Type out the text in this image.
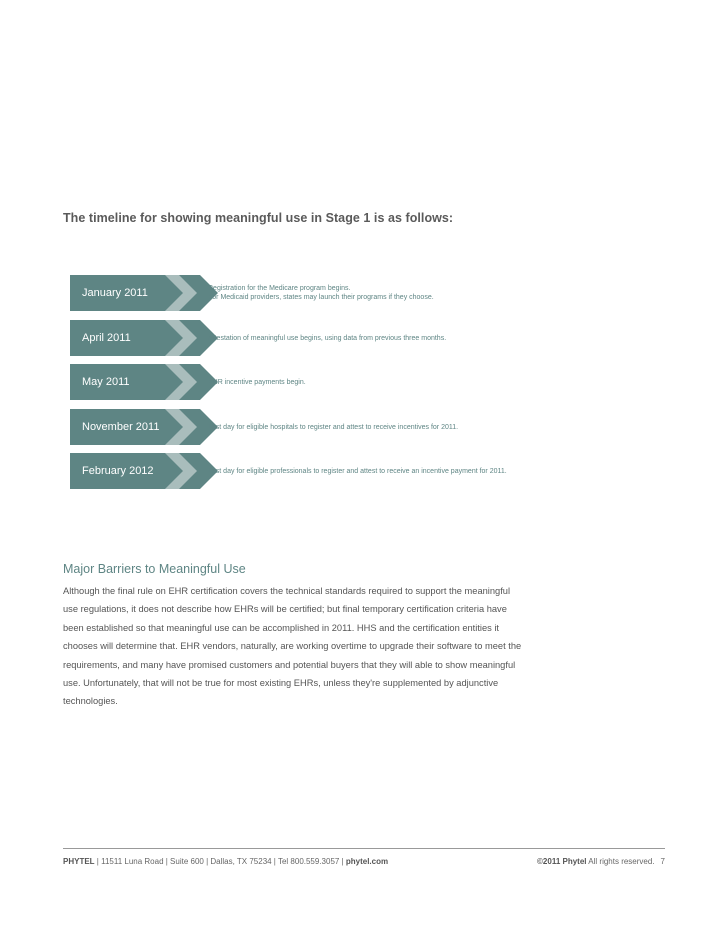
The timeline for showing meaningful use in Stage 1 is as follows:
January 2011	Registration for the Medicare program begins.
For Medicaid providers, states may launch their programs if they choose.
April 2011	Attestation of meaningful use begins, using data from previous three months.
May 2011	EHR incentive payments begin.
November 2011	Last day for eligible hospitals to register and attest to receive incentives for 2011.
February 2012	Last day for eligible professionals to register and attest to receive an incentive payment for 2011.
Major Barriers to Meaningful Use
Although the final rule on EHR certification covers the technical standards required to support the meaningful use regulations, it does not describe how EHRs will be certified; but final temporary certification criteria have been established so that meaningful use can be accomplished in 2011. HHS and the certification entities it chooses will determine that. EHR vendors, naturally, are working overtime to upgrade their software to meet the requirements, and many have promised customers and potential buyers that they will able to show meaningful use. Unfortunately, that will not be true for most existing EHRs, unless they're supplemented by adjunctive technologies.
PHYTEL | 11511 Luna Road | Suite 600 | Dallas, TX 75234 | Tel 800.559.3057 | phytel.com	©2011 Phytel All rights reserved. 7
